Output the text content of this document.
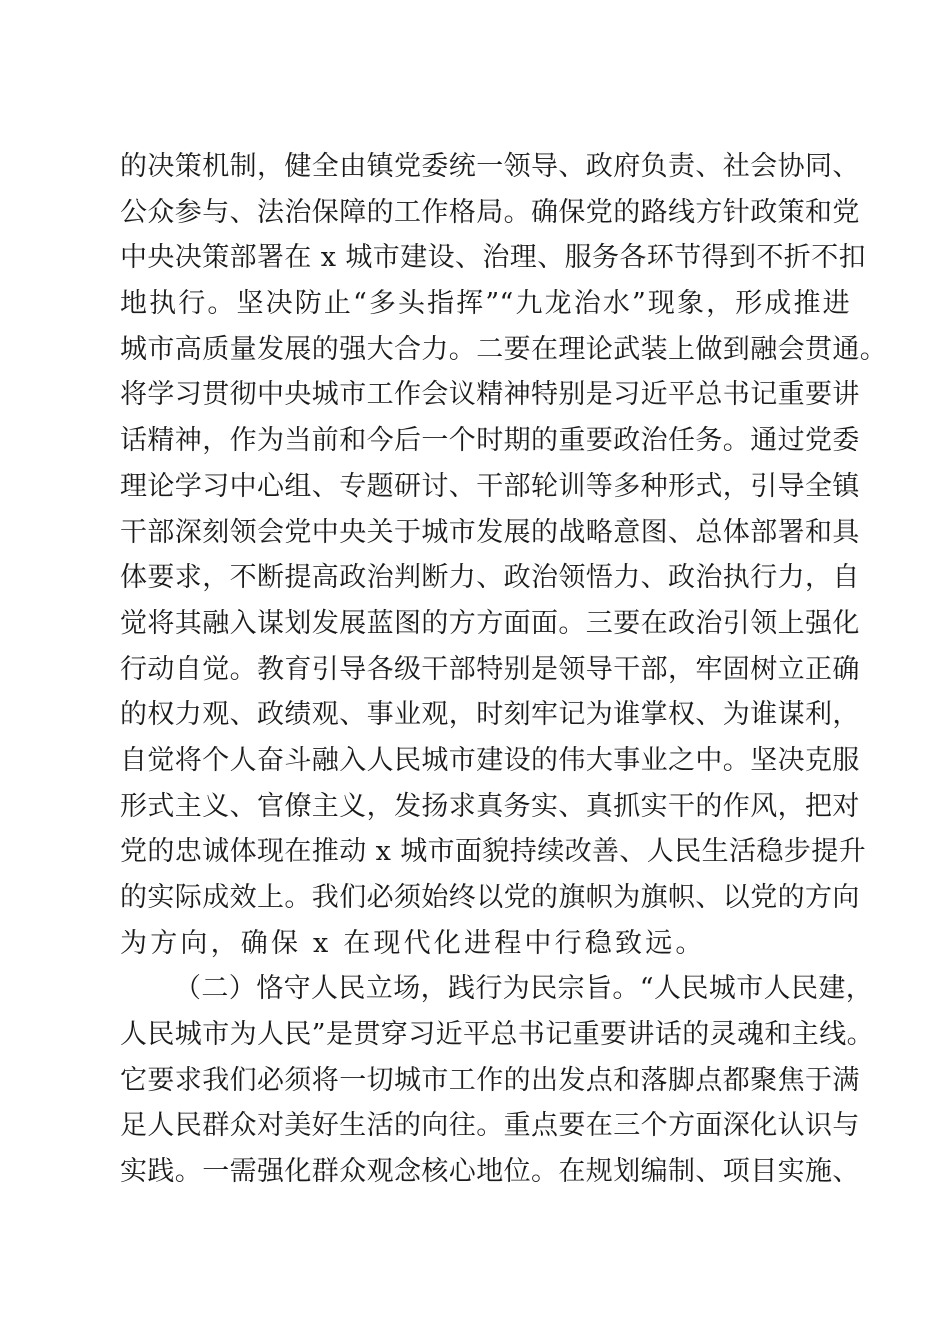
的决策机制，健全由镇党委统一领导、政府负责、社会协同、
公众参与、法治保障的工作格局。确保党的路线方针政策和党
中央决策部署在 x 城市建设、治理、服务各环节得到不折不扣
地执行。坚决防止“多头指挥”“九龙治水”现象，形成推进
城市高质量发展的强大合力。二要在理论武装上做到融会贯通。
将学习贯彻中央城市工作会议精神特别是习近平总书记重要讲
话精神，作为当前和今后一个时期的重要政治任务。通过党委
理论学习中心组、专题研讨、干部轮训等多种形式，引导全镇
干部深刻领会党中央关于城市发展的战略意图、总体部署和具
体要求，不断提高政治判断力、政治领悟力、政治执行力，自
觉将其融入谋划发展蓝图的方方面面。三要在政治引领上强化
行动自觉。教育引导各级干部特别是领导干部，牢固树立正确
的权力观、政绩观、事业观，时刻牢记为谁掌权、为谁谋利，
自觉将个人奋斗融入人民城市建设的伟大事业之中。坚决克服
形式主义、官僚主义，发扬求真务实、真抓实干的作风，把对
党的忠诚体现在推动 x 城市面貌持续改善、人民生活稳步提升
的实际成效上。我们必须始终以党的旗帜为旗帜、以党的方向
为方向，确保 x 在现代化进程中行稳致远。
（二）恪守人民立场，践行为民宗旨。“人民城市人民建，
人民城市为人民”是贯穿习近平总书记重要讲话的灵魂和主线。
它要求我们必须将一切城市工作的出发点和落脚点都聚焦于满
足人民群众对美好生活的向往。重点要在三个方面深化认识与
实践。一需强化群众观念核心地位。在规划编制、项目实施、
